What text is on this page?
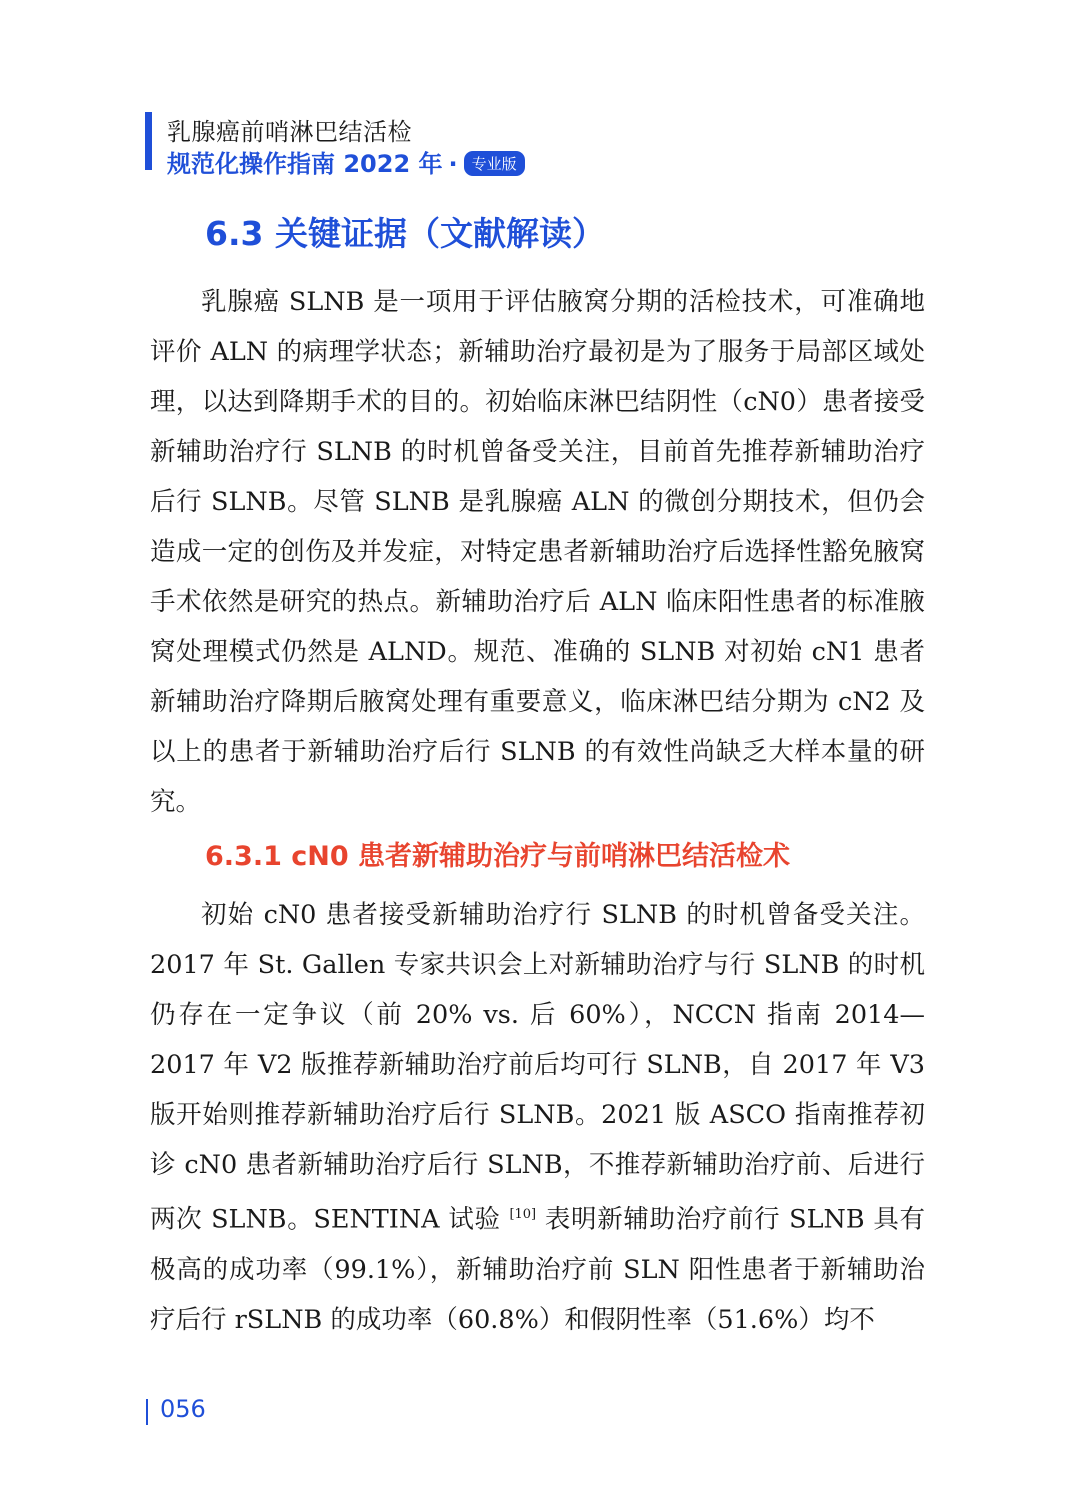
乳腺癌前哨淋巴结活检
规范化操作指南 2022 年 · 专业版
6.3 关键证据（文献解读）

乳腺癌 SLNB 是一项用于评估腋窝分期的活检技术，可准确地评价 ALN 的病理学状态；新辅助治疗最初是为了服务于局部区域处理，以达到降期手术的目的。初始临床淋巴结阴性（cN0）患者接受新辅助治疗行 SLNB 的时机曾备受关注，目前首先推荐新辅助治疗后行 SLNB。尽管 SLNB 是乳腺癌 ALN 的微创分期技术，但仍会造成一定的创伤及并发症，对特定患者新辅助治疗后选择性豁免腋窝手术依然是研究的热点。新辅助治疗后 ALN 临床阳性患者的标准腋窝处理模式仍然是 ALND。规范、准确的 SLNB 对初始 cN1 患者新辅助治疗降期后腋窝处理有重要意义，临床淋巴结分期为 cN2 及以上的患者于新辅助治疗后行 SLNB 的有效性尚缺乏大样本量的研究。

6.3.1 cN0 患者新辅助治疗与前哨淋巴结活检术

初始 cN0 患者接受新辅助治疗行 SLNB 的时机曾备受关注。2017 年 St. Gallen 专家共识会上对新辅助治疗与行 SLNB 的时机仍存在一定争议（前 20% vs. 后 60%），NCCN 指南 2014—2017 年 V2 版推荐新辅助治疗前后均可行 SLNB，自 2017 年 V3 版开始则推荐新辅助治疗后行 SLNB。2021 版 ASCO 指南推荐初诊 cN0 患者新辅助治疗后行 SLNB，不推荐新辅助治疗前、后进行两次 SLNB。SENTINA 试验 [10] 表明新辅助治疗前行 SLNB 具有极高的成功率（99.1%），新辅助治疗前 SLN 阳性患者于新辅助治疗后行 rSLNB 的成功率（60.8%）和假阴性率（51.6%）均不

056
